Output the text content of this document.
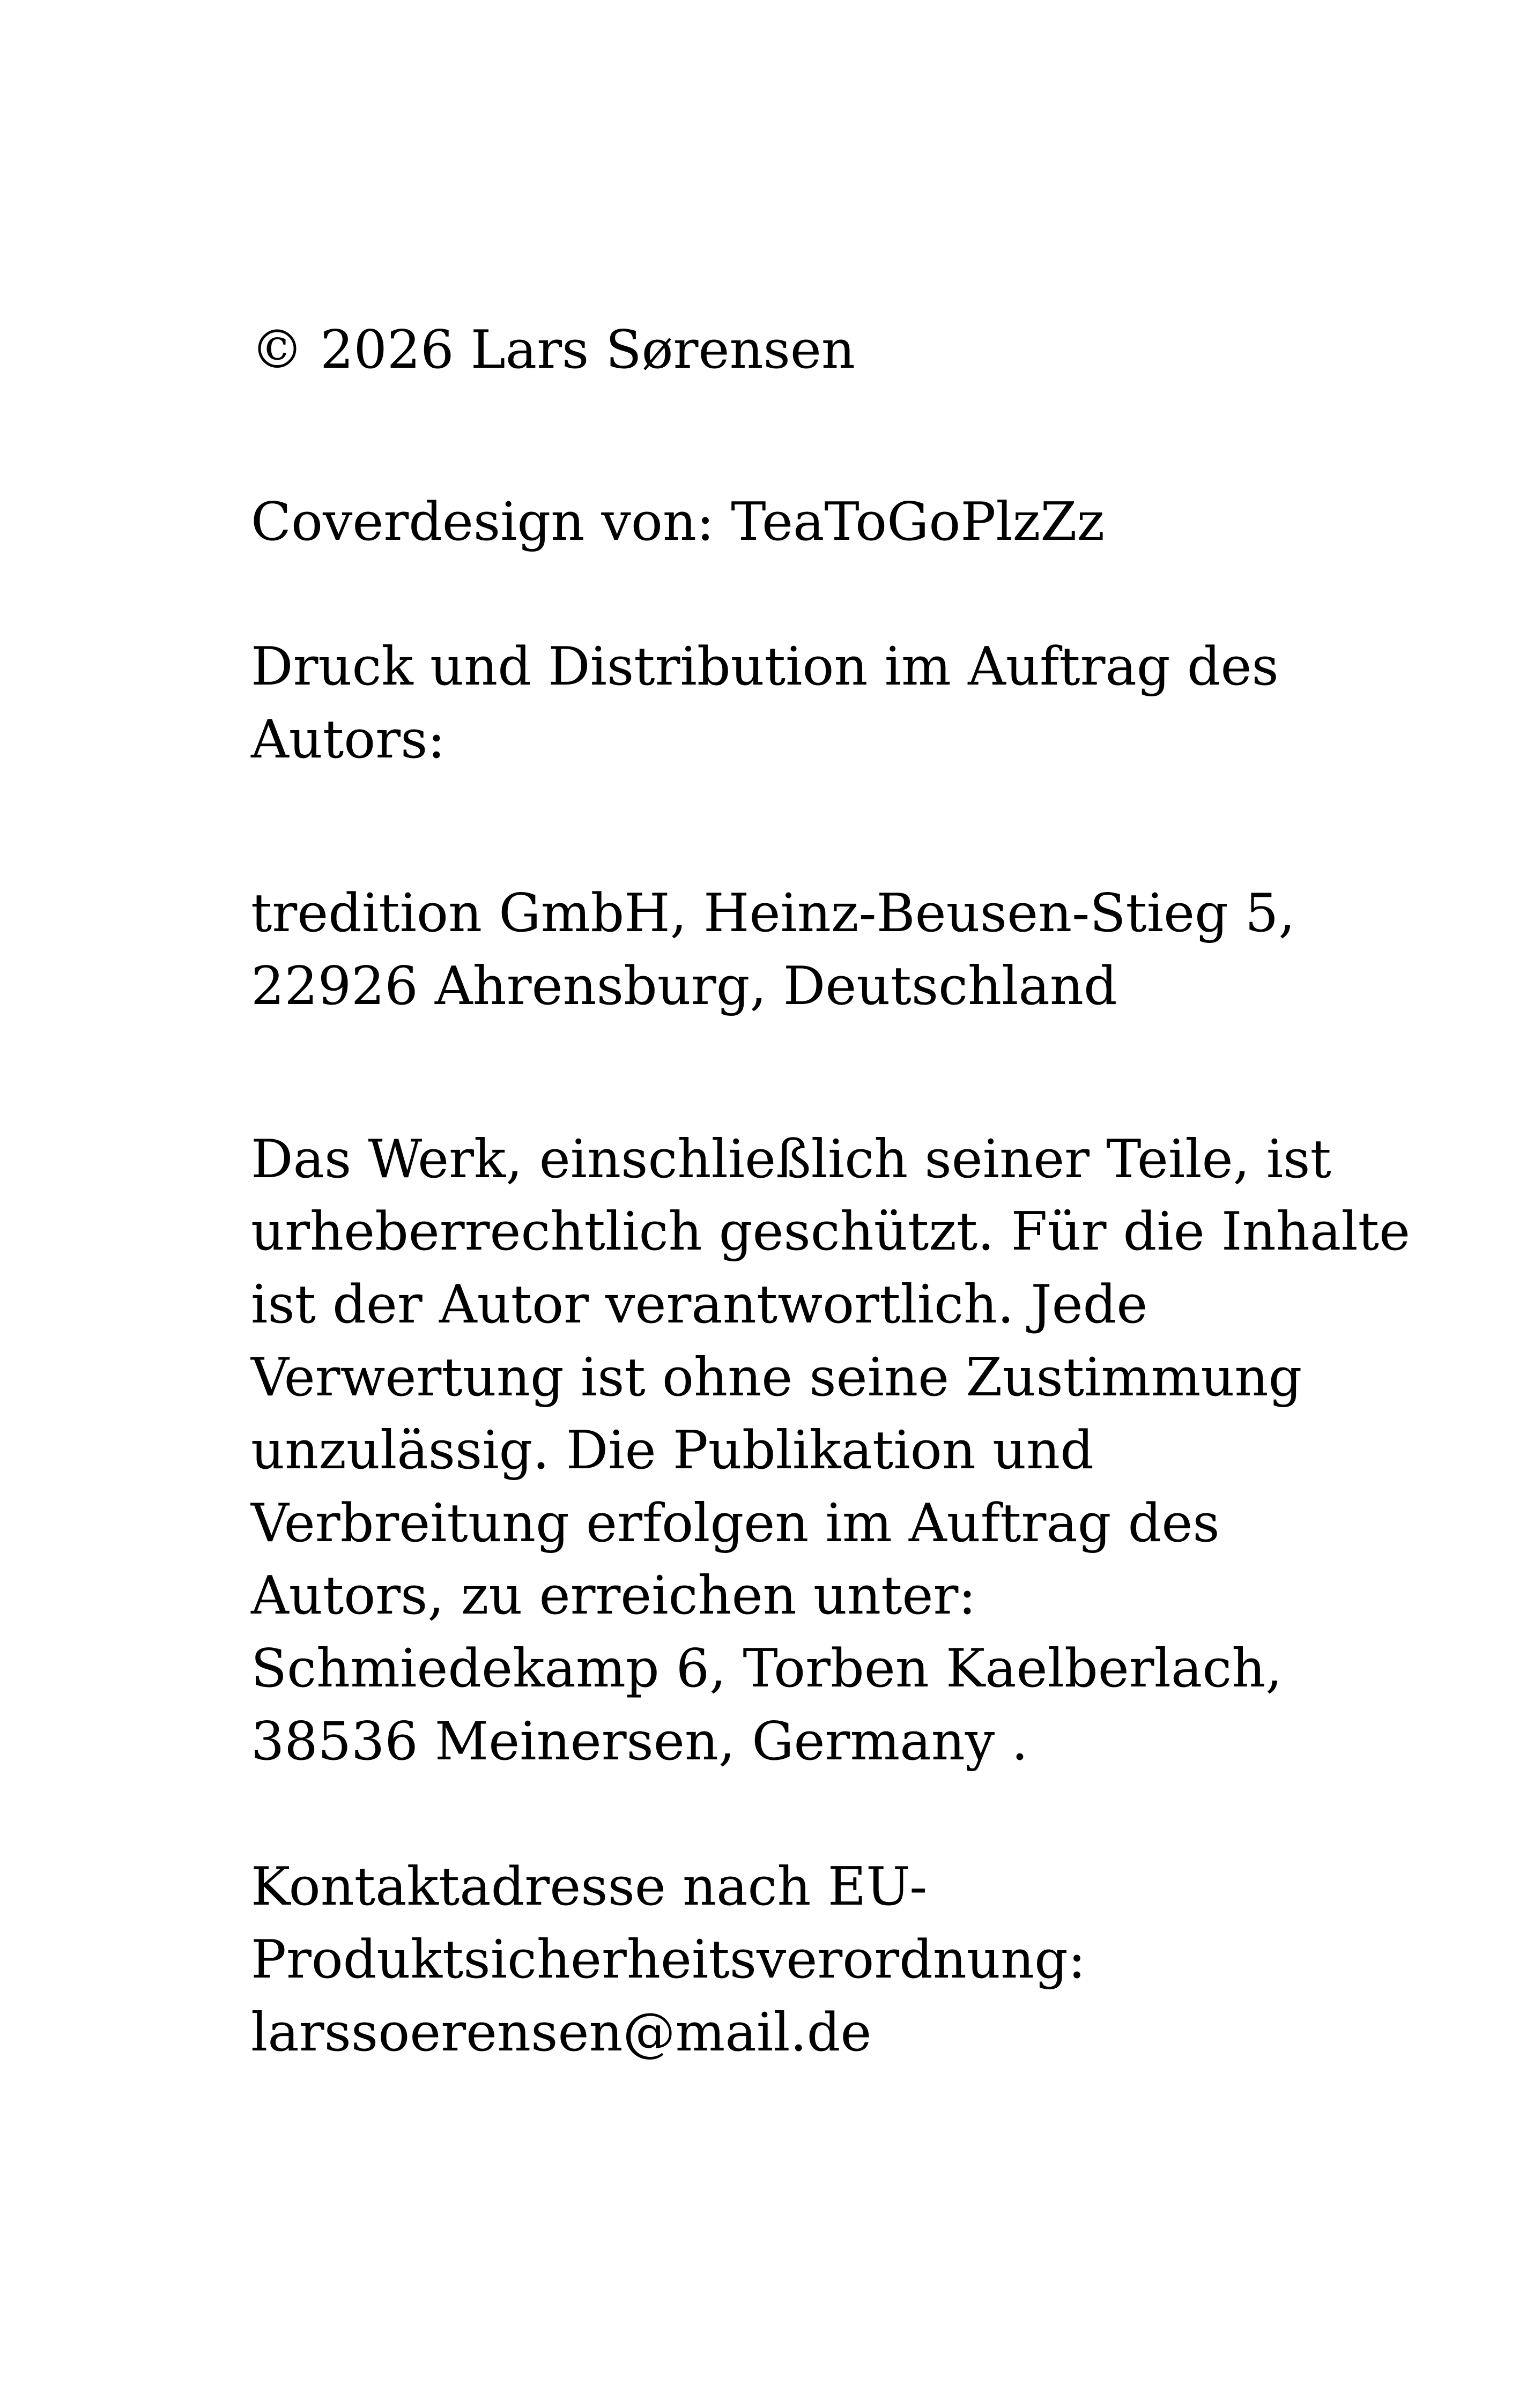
© 2026 Lars Sørensen

Coverdesign von: TeaToGoPlzZz

Druck und Distribution im Auftrag des

Autors:

tredition GmbH, Heinz-Beusen-Stieg 5,

22926 Ahrensburg, Deutschland

Das Werk, einschließlich seiner Teile, ist

urheberrechtlich geschützt. Für die Inhalte

ist der Autor verantwortlich. Jede

Verwertung ist ohne seine Zustimmung

unzulässig. Die Publikation und

Verbreitung erfolgen im Auftrag des

Autors, zu erreichen unter:

Schmiedekamp 6, Torben Kaelberlach,

38536 Meinersen, Germany .

Kontaktadresse nach EU-

Produktsicherheitsverordnung:

larssoerensen@mail.de
